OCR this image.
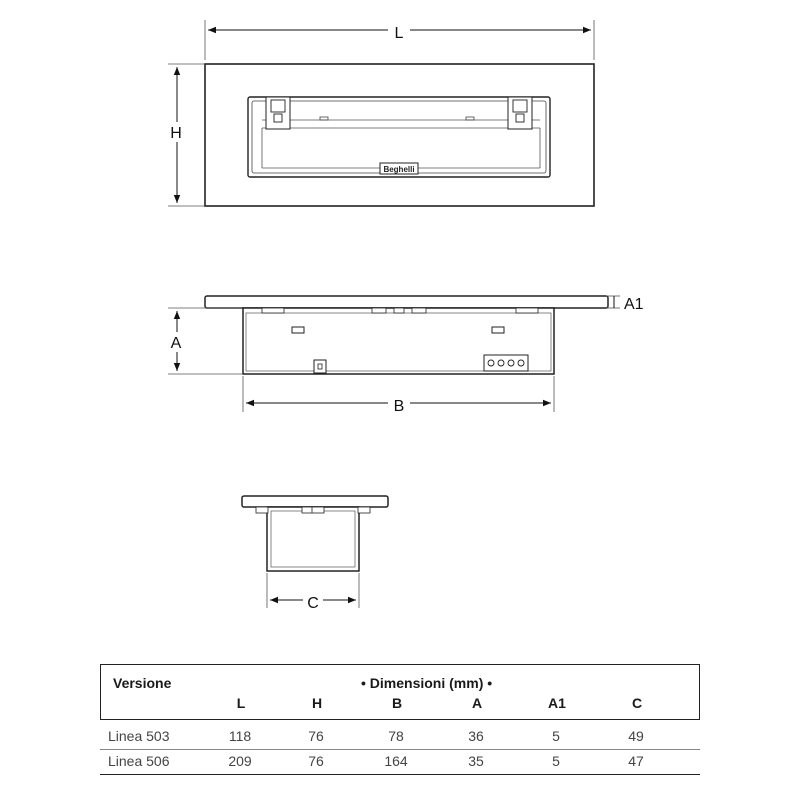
L
H
Beghelli
A
A1
B
C
Versione	• Dimensioni (mm) •
L	H	B	A	A1	C
Linea 503	118	76	78	36	5	49
Linea 506	209	76	164	35	5	47
